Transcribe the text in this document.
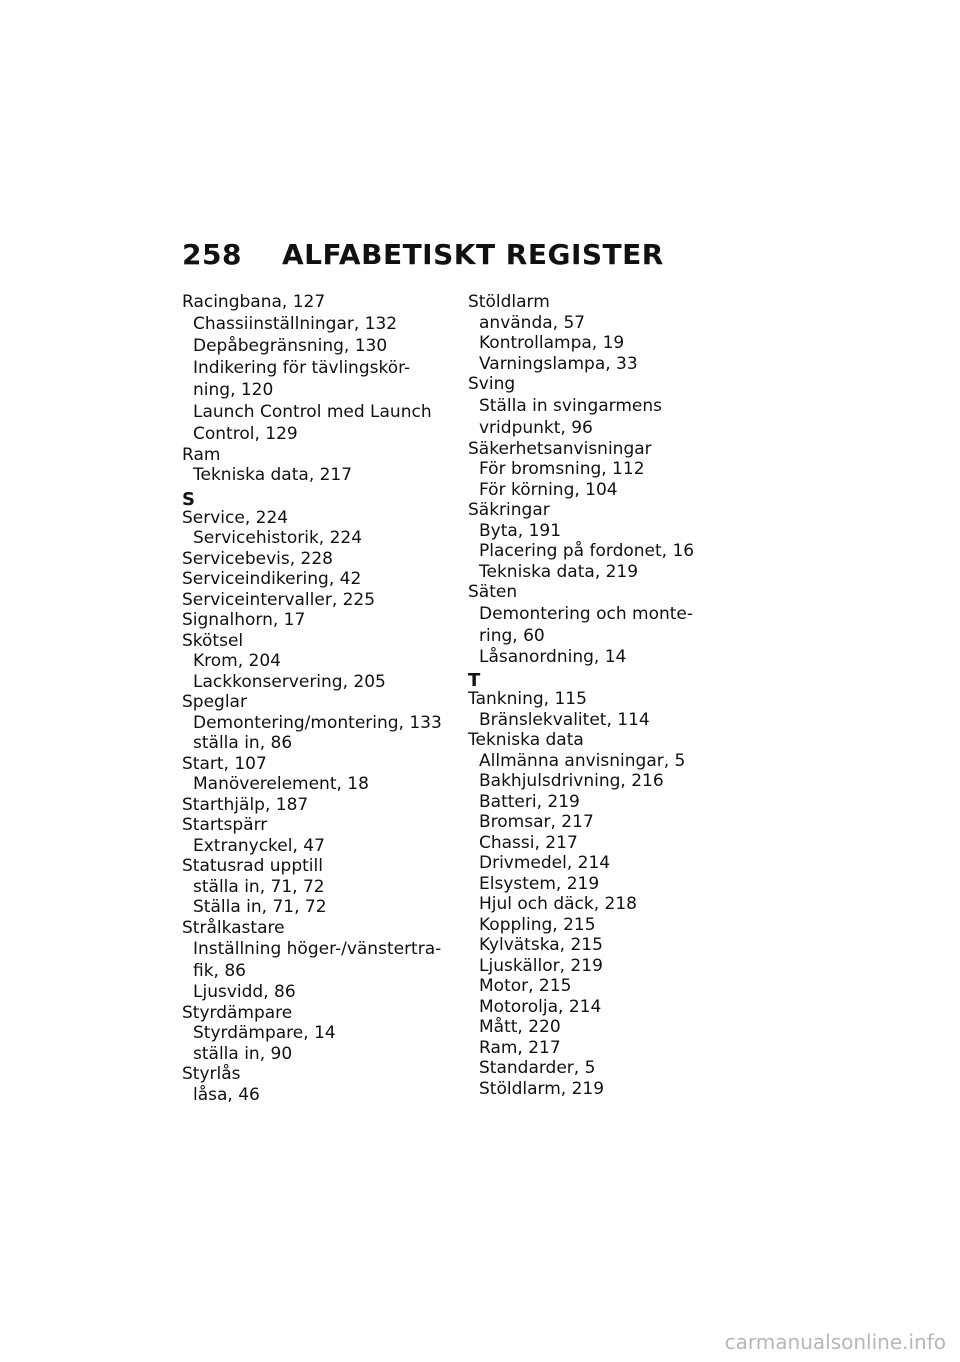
258 ALFABETISKT REGISTER
Racingbana, 127
Chassiinställningar, 132
Depåbegränsning, 130
Indikering för tävlingskör-
ning, 120
Launch Control med Launch
Control, 129
Ram
Tekniska data, 217
S
Service, 224
Servicehistorik, 224
Servicebevis, 228
Serviceindikering, 42
Serviceintervaller, 225
Signalhorn, 17
Skötsel
Krom, 204
Lackkonservering, 205
Speglar
Demontering/montering, 133
ställa in, 86
Start, 107
Manöverelement, 18
Starthjälp, 187
Startspärr
Extranyckel, 47
Statusrad upptill
ställa in, 71, 72
Ställa in, 71, 72
Strålkastare
Inställning höger-/vänstertra-
fik, 86
Ljusvidd, 86
Styrdämpare
Styrdämpare, 14
ställa in, 90
Styrlås
låsa, 46
Stöldlarm
använda, 57
Kontrollampa, 19
Varningslampa, 33
Sving
Ställa in svingarmens
vridpunkt, 96
Säkerhetsanvisningar
För bromsning, 112
För körning, 104
Säkringar
Byta, 191
Placering på fordonet, 16
Tekniska data, 219
Säten
Demontering och monte-
ring, 60
Låsanordning, 14
T
Tankning, 115
Bränslekvalitet, 114
Tekniska data
Allmänna anvisningar, 5
Bakhjulsdrivning, 216
Batteri, 219
Bromsar, 217
Chassi, 217
Drivmedel, 214
Elsystem, 219
Hjul och däck, 218
Koppling, 215
Kylvätska, 215
Ljuskällor, 219
Motor, 215
Motorolja, 214
Mått, 220
Ram, 217
Standarder, 5
Stöldlarm, 219
carmanualsonline.info
